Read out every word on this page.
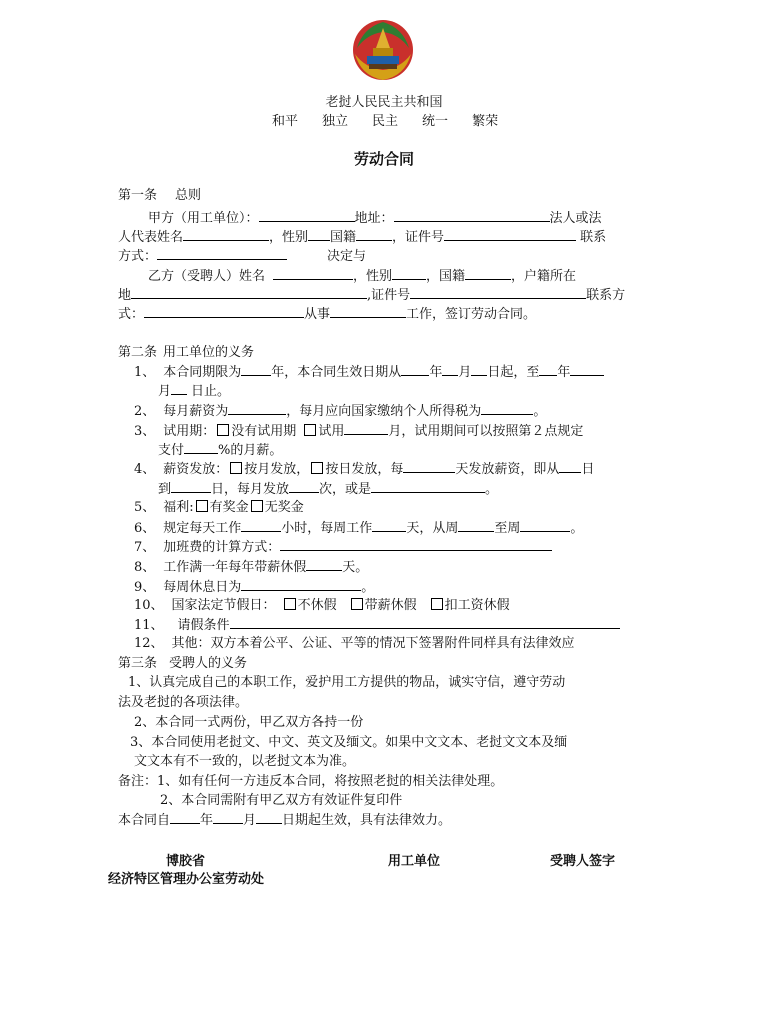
老挝人民民主共和国
和平 独立 民主 统一 繁荣
劳动合同
第一条 总则
甲方（用工单位）：	地址：	法人或法
人代表姓名	，性别 国籍	，证件号	联系
方式：	决定与
乙方（受聘人）姓名	，性别	，国籍	，户籍所在
地	,证件号	联系方
式：	从事	工作，签订劳动合同。
第二条 用工单位的义务
1、 本合同期限为 年，本合同生效日期从 年 月 日起，至 年
月 日止。
2、 每月薪资为	，每月应向国家缴纳个人所得税为	。
3、 试用期： 没有试用期 试用	月，试用期间可以按照第２点规定
支付	%的月薪。
4、 薪资发放： 按月发放， 按日发放，每	天发放薪资，即从 日
到	日，每月发放 次，或是	。
5、 福利: 有奖金 无奖金
6、 规定每天工作	小时，每周工作	天，从周	至周	。
7、 加班费的计算方式：
8、 工作满一年每年带薪休假	天。
9、 每周休息日为	。
10、 国家法定节假日： 不休假 带薪休假 扣工资休假
11、 请假条件
12、 其他：双方本着公平、公证、平等的情况下签署附件同样具有法律效应
第三条 受聘人的义务
1、认真完成自己的本职工作，爱护用工方提供的物品，诚实守信，遵守劳动
法及老挝的各项法律。
2、本合同一式两份，甲乙双方各持一份
3、本合同使用老挝文、中文、英文及缅文。如果中文文本、老挝文文本及缅
文文本有不一致的，以老挝文本为准。
备注：1、如有任何一方违反本合同，将按照老挝的相关法律处理。
2、本合同需附有甲乙双方有效证件复印件
本合同自 年 月 日期起生效，具有法律效力。
博胶省	用工单位	受聘人签字
经济特区管理办公室劳动处
